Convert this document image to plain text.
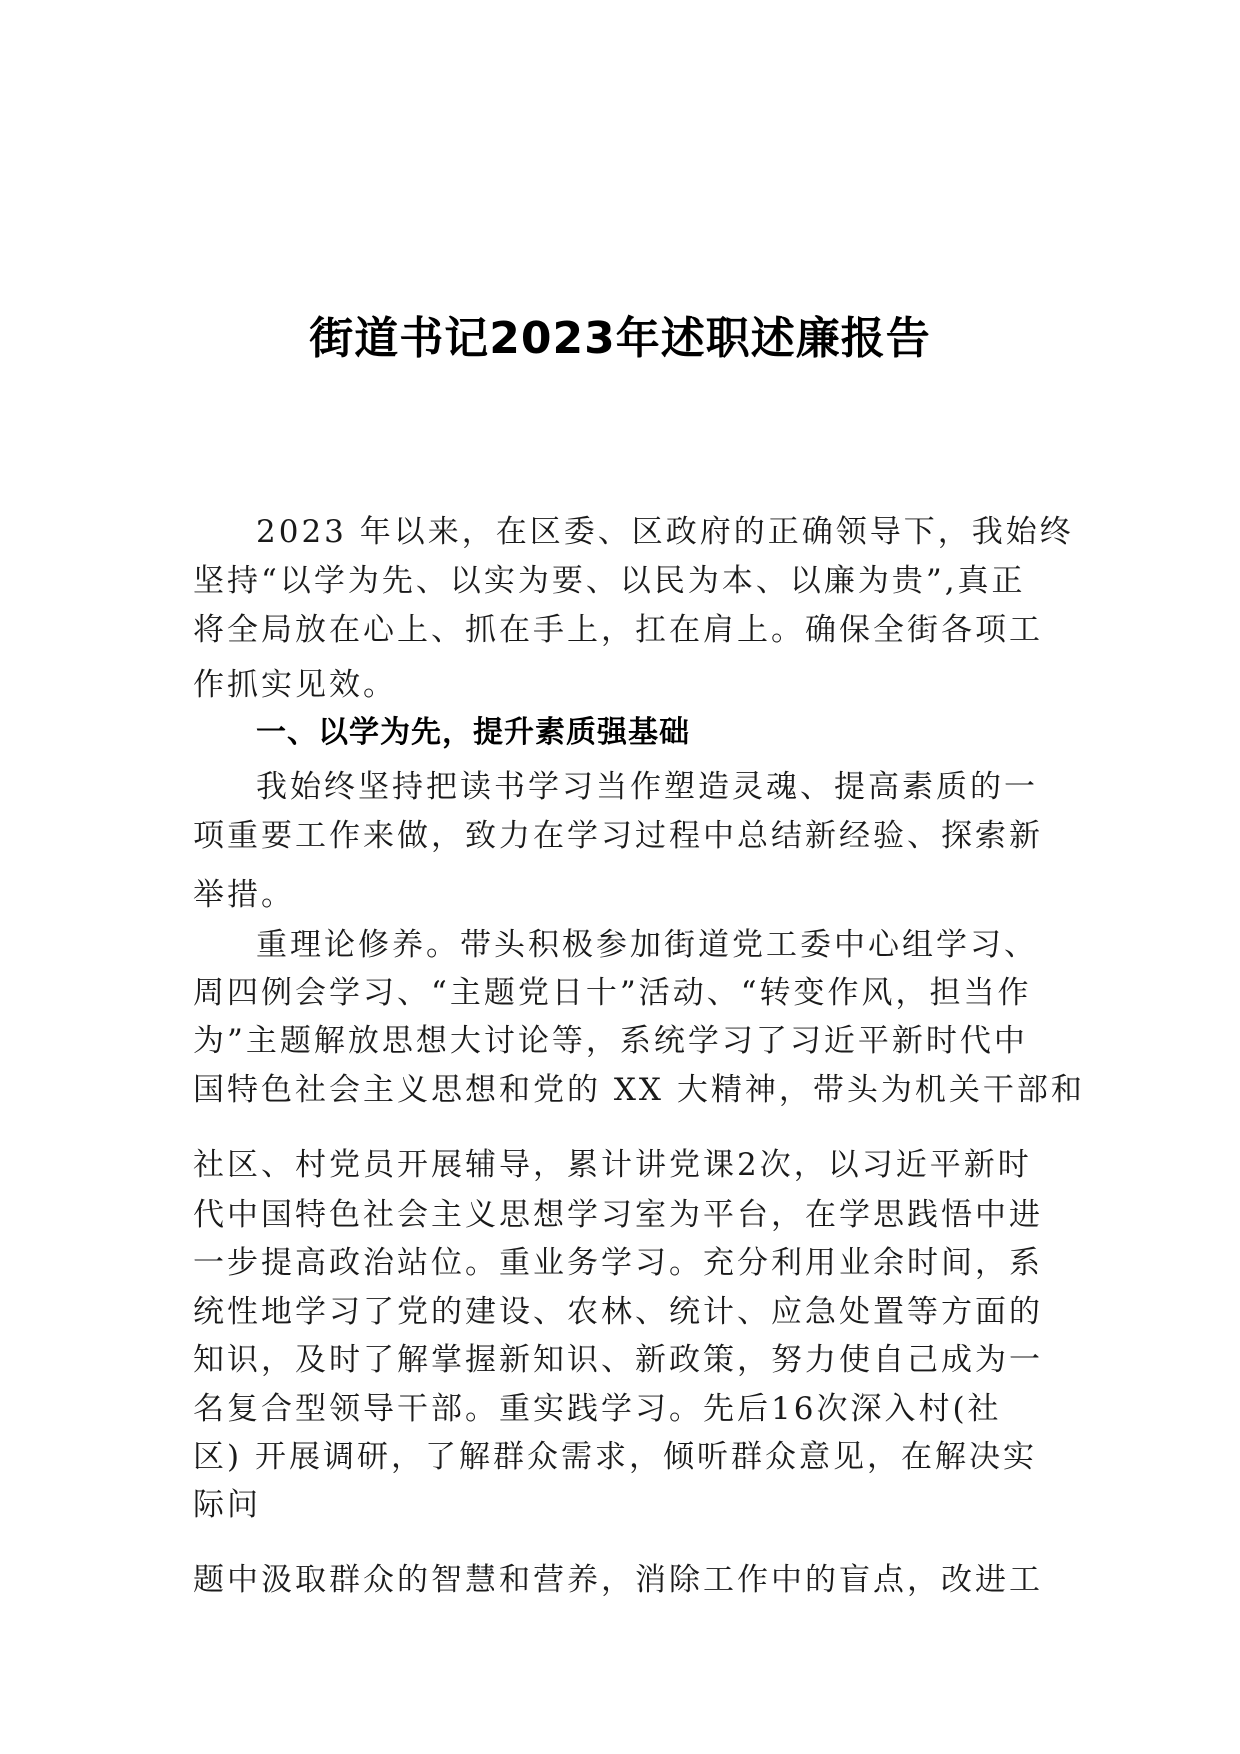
街道书记2023年述职述廉报告
2023 年以来，在区委、区政府的正确领导下，我始终
坚持“以学为先、以实为要、以民为本、以廉为贵”,真正
将全局放在心上、抓在手上，扛在肩上。确保全街各项工
作抓实见效。
一、以学为先，提升素质强基础
我始终坚持把读书学习当作塑造灵魂、提高素质的一
项重要工作来做，致力在学习过程中总结新经验、探索新
举措。
重理论修养。带头积极参加街道党工委中心组学习、
周四例会学习、“主题党日十”活动、“转变作风，担当作
为”主题解放思想大讨论等，系统学习了习近平新时代中
国特色社会主义思想和党的 XX 大精神，带头为机关干部和
社区、村党员开展辅导，累计讲党课2次，以习近平新时
代中国特色社会主义思想学习室为平台，在学思践悟中进
一步提高政治站位。重业务学习。充分利用业余时间，系
统性地学习了党的建设、农林、统计、应急处置等方面的
知识，及时了解掌握新知识、新政策，努力使自己成为一
名复合型领导干部。重实践学习。先后16次深入村(社
区) 开展调研，了解群众需求，倾听群众意见，在解决实
际问
题中汲取群众的智慧和营养，消除工作中的盲点，改进工
